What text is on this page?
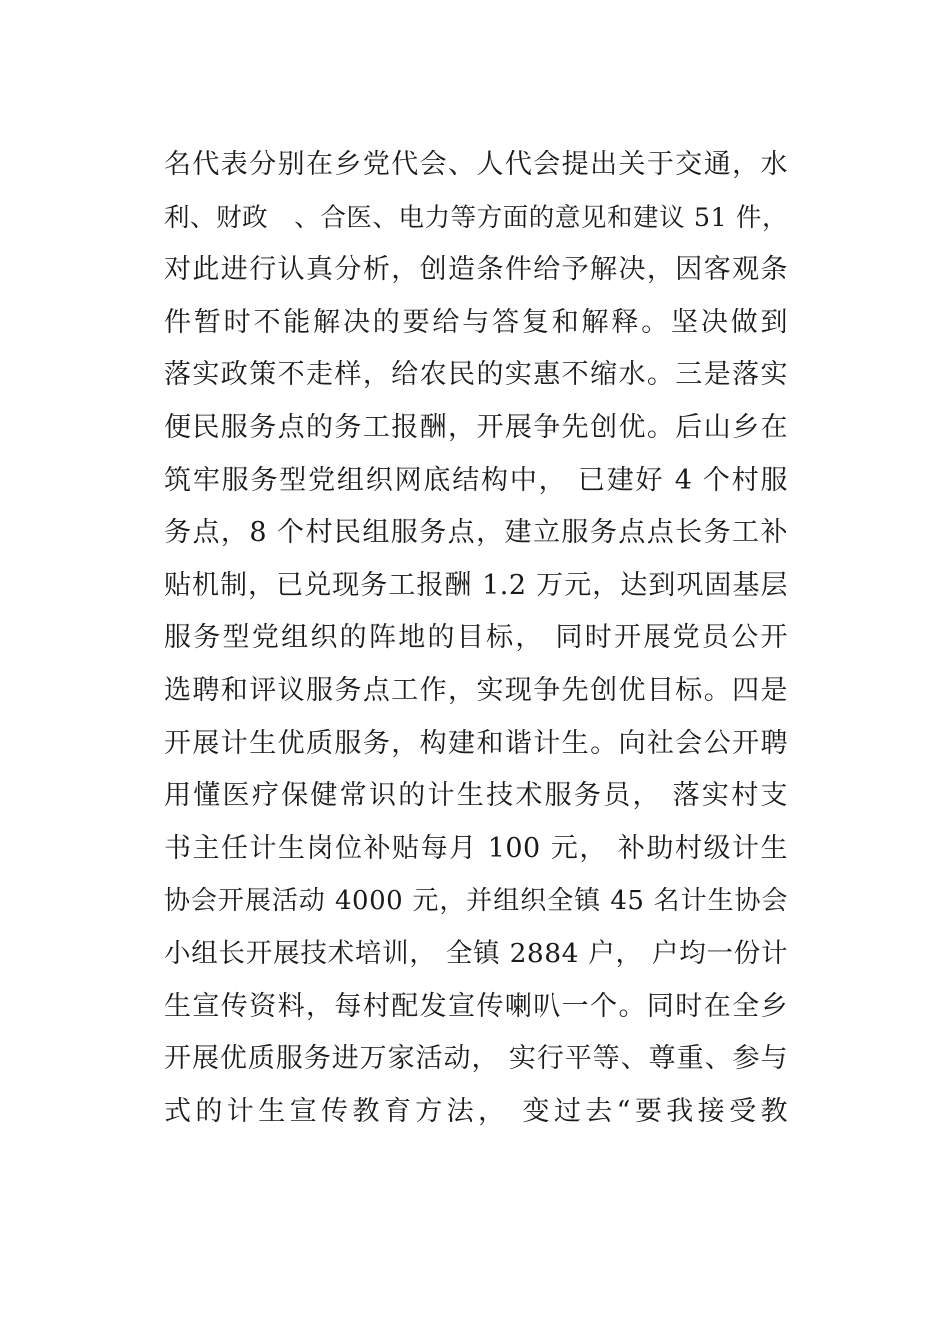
名代表分别在乡党代会、人代会提出关于交通，水
利、财政　、合医、电力等方面的意见和建议 51 件，
对此进行认真分析，创造条件给予解决，因客观条
件暂时不能解决的要给与答复和解释。坚决做到
落实政策不走样，给农民的实惠不缩水。三是落实
便民服务点的务工报酬，开展争先创优。后山乡在
筑牢服务型党组织网底结构中， 已建好 4 个村服
务点，8 个村民组服务点，建立服务点点长务工补
贴机制，已兑现务工报酬 1.2 万元，达到巩固基层
服务型党组织的阵地的目标， 同时开展党员公开
选聘和评议服务点工作，实现争先创优目标。四是
开展计生优质服务，构建和谐计生。向社会公开聘
用懂医疗保健常识的计生技术服务员， 落实村支
书主任计生岗位补贴每月 100 元， 补助村级计生
协会开展活动 4000 元，并组织全镇 45 名计生协会
小组长开展技术培训， 全镇 2884 户， 户均一份计
生宣传资料，每村配发宣传喇叭一个。同时在全乡
开展优质服务进万家活动， 实行平等、尊重、参与
式的计生宣传教育方法， 变过去“要我接受教
